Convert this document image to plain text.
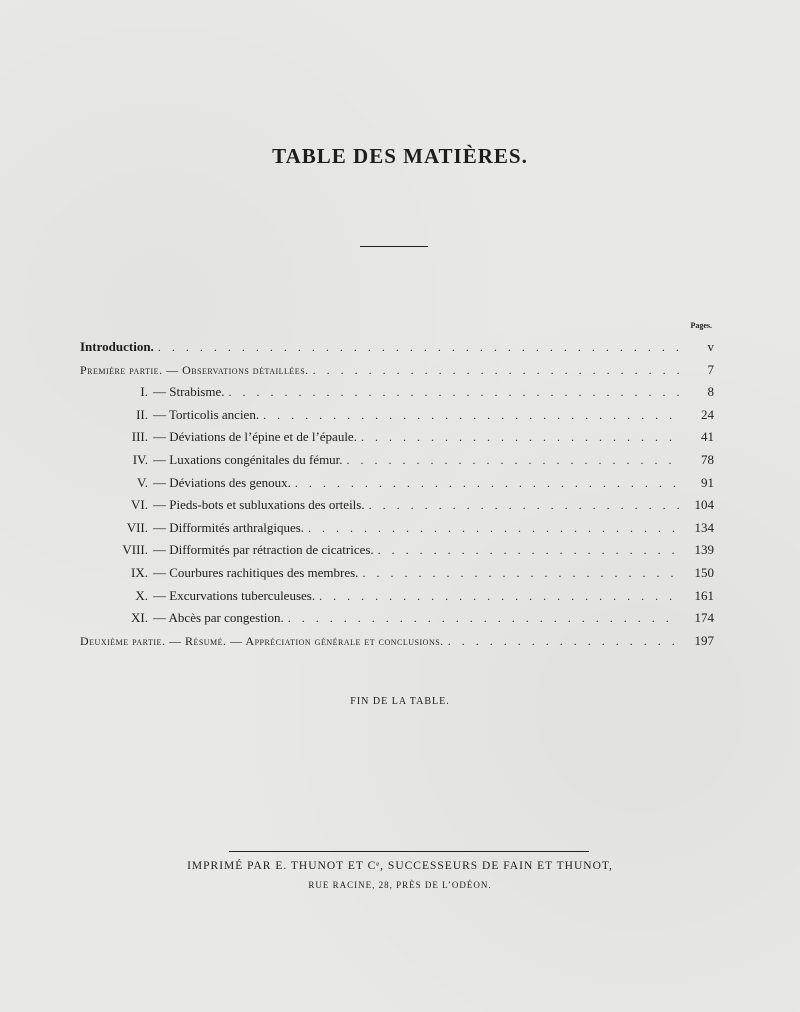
TABLE DES MATIÈRES.
Pages.
Introduction. . . .	v
Première partie. — Observations détaillées. . . .	7
I. — Strabisme. . . .	8
II. — Torticolis ancien. . . .	24
III. — Déviations de l’épine et de l’épaule. . . .	41
IV. — Luxations congénitales du fémur. . . .	78
V. — Déviations des genoux. . . .	91
VI. — Pieds-bots et subluxations des orteils. . . .	104
VII. — Difformités arthralgiques. . . .	134
VIII. — Difformités par rétraction de cicatrices. . . .	139
IX. — Courbures rachitiques des membres. . . .	150
X. — Excurvations tuberculeuses. . . .	161
XI. — Abcès par congestion. . . .	174
Deuxième partie. — Résumé. — Appréciation générale et conclusions. . . .	197
FIN DE LA TABLE.
IMPRIMÉ PAR E. THUNOT ET Cᵉ, SUCCESSEURS DE FAIN ET THUNOT,
RUE RACINE, 28, PRÈS DE L’ODÉON.
